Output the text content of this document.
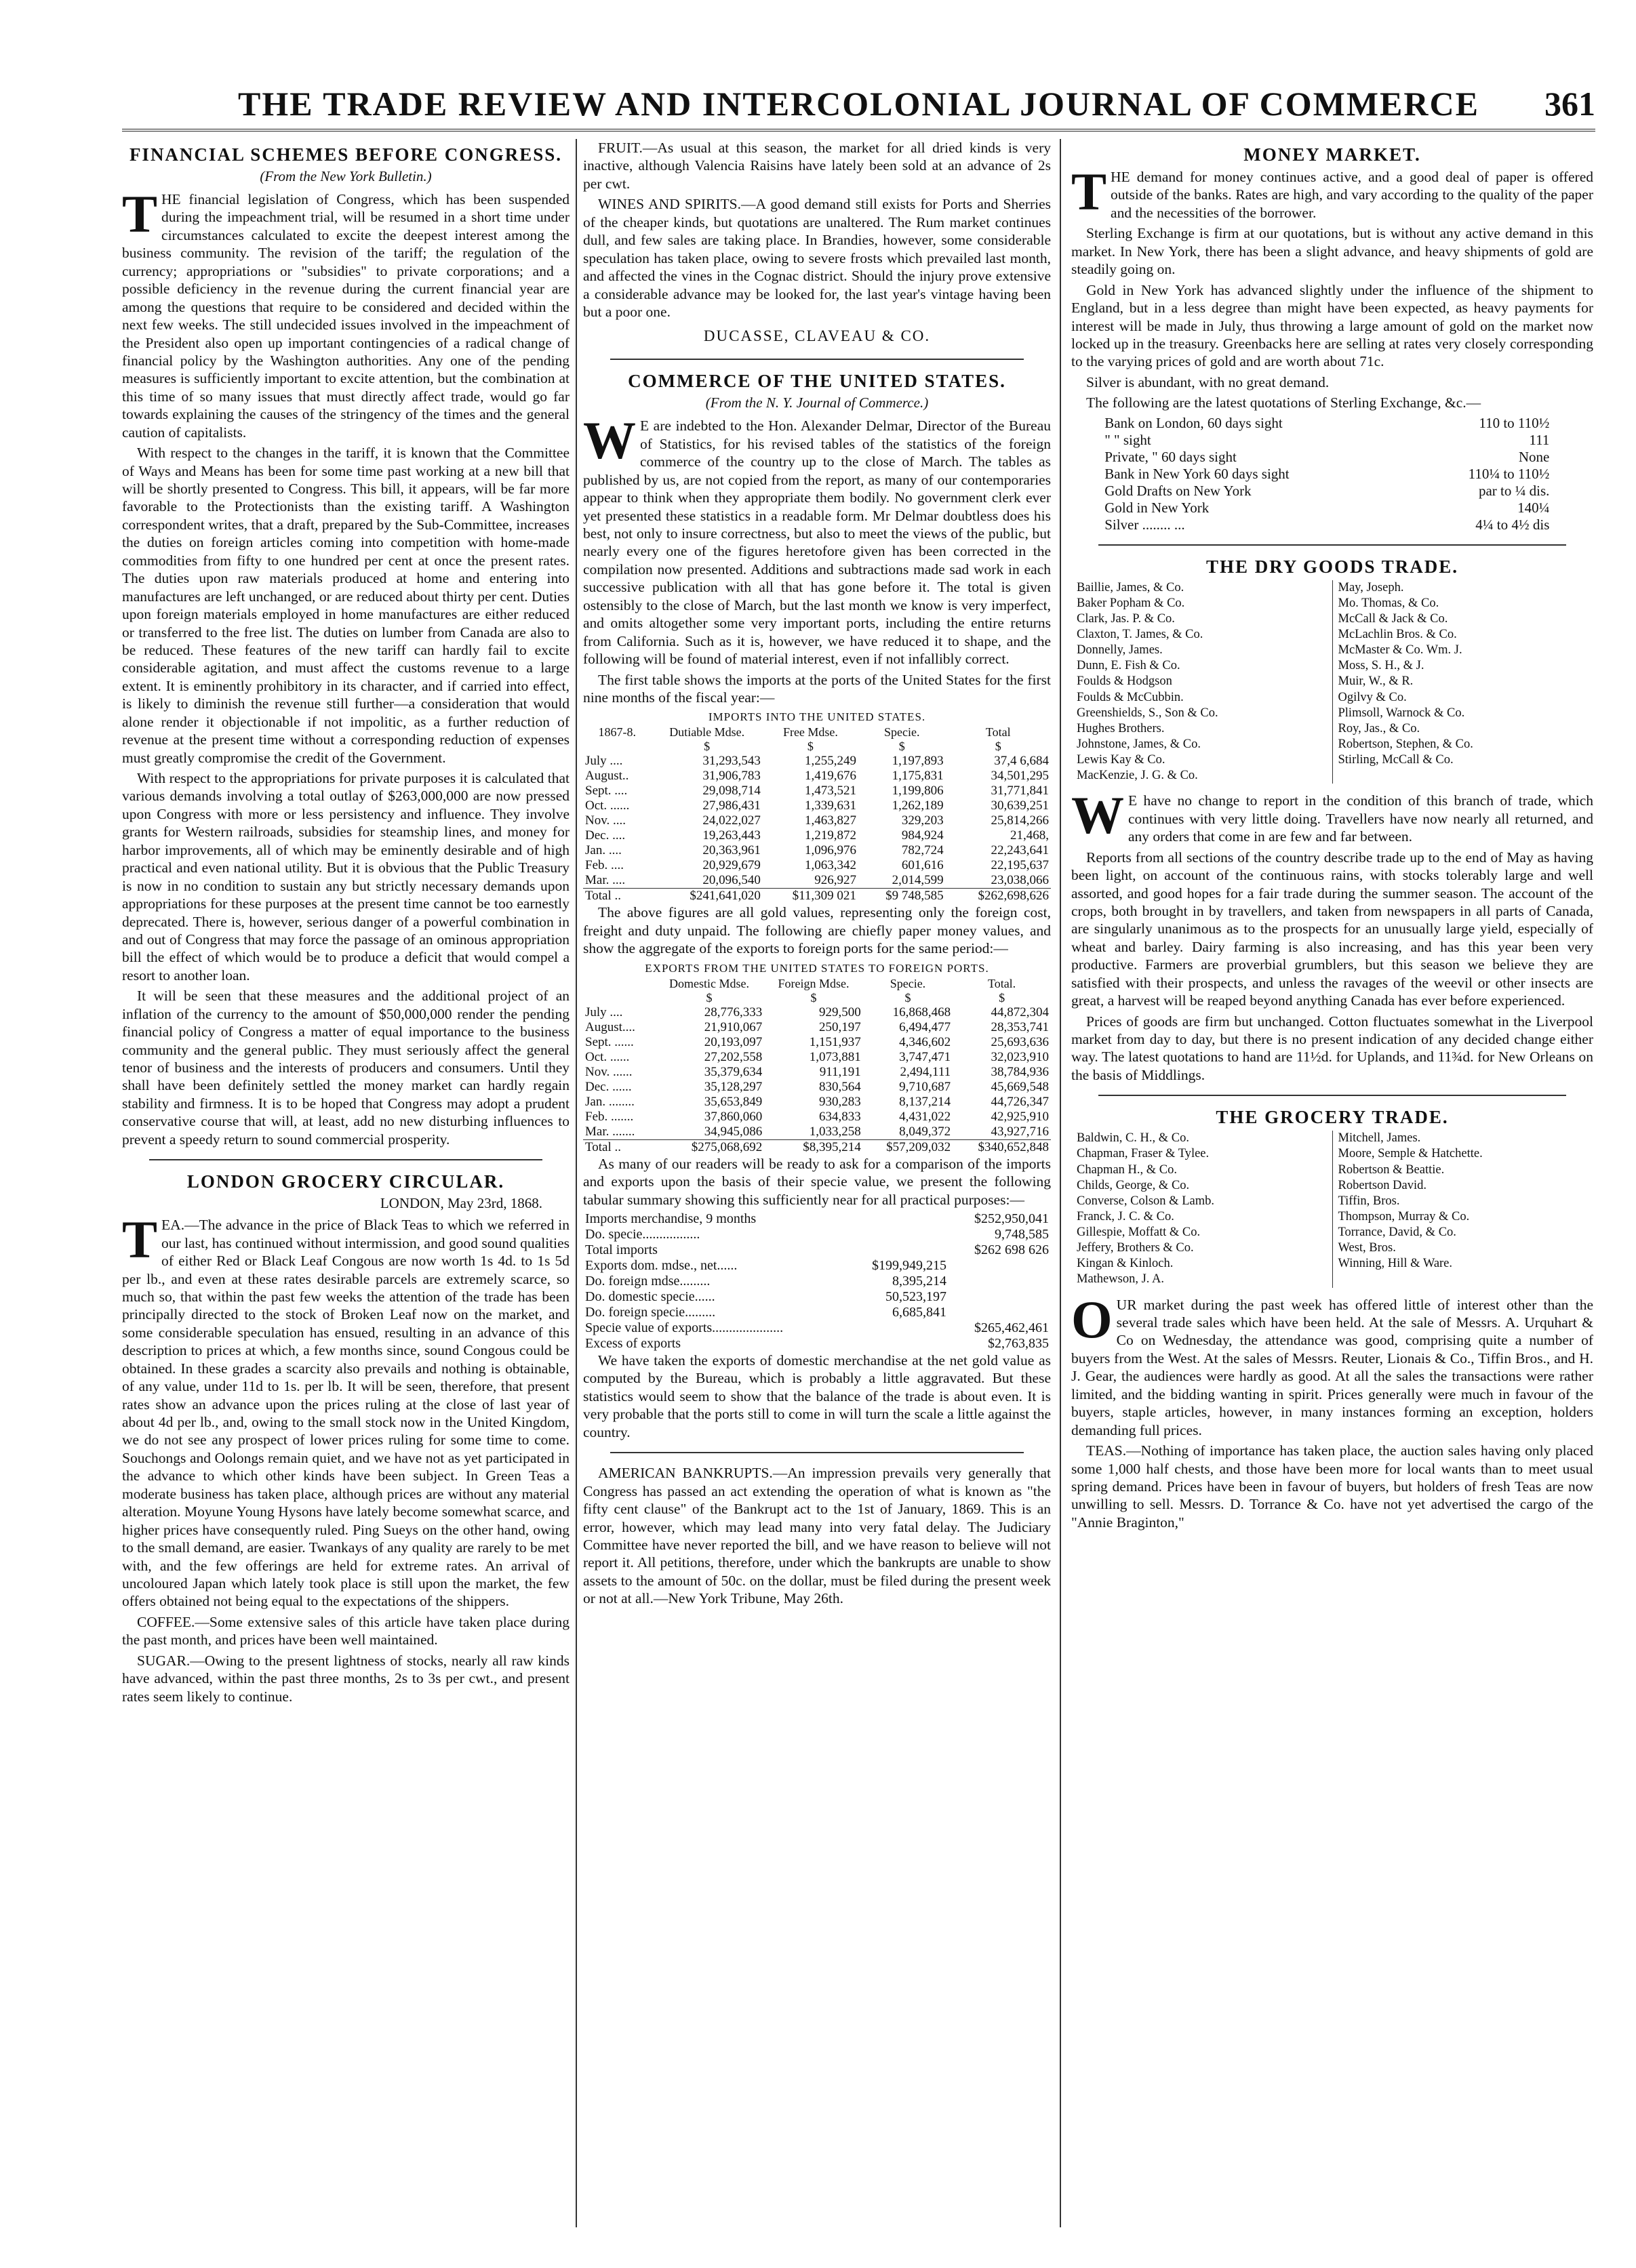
THE TRADE REVIEW AND INTERCOLONIAL JOURNAL OF COMMERCE	361
FINANCIAL SCHEMES BEFORE CONGRESS.
(From the New York Bulletin.)

THE financial legislation of Congress, which has been suspended during the impeachment trial, will be resumed in a short time under circumstances calculated to excite the deepest interest among the business community. The revision of the tariff; the regulation of the currency; appropriations or "subsidies" to private corporations; and a possible deficiency in the revenue during the current financial year are among the questions that require to be considered and decided within the next few weeks. The still undecided issues involved in the impeachment of the President also open up important contingencies of a radical change of financial policy by the Washington authorities. Any one of the pending measures is sufficiently important to excite attention, but the combination at this time of so many issues that must directly affect trade, would go far towards explaining the causes of the stringency of the times and the general caution of capitalists.

With respect to the changes in the tariff, it is known that the Committee of Ways and Means has been for some time past working at a new bill that will be shortly presented to Congress. This bill, it appears, will be far more favorable to the Protectionists than the existing tariff. A Washington correspondent writes, that a draft, prepared by the Sub-Committee, increases the duties on foreign articles coming into competition with home-made commodities from fifty to one hundred per cent at once the present rates. The duties upon raw materials produced at home and entering into manufactures are left unchanged, or are reduced about thirty per cent. Duties upon foreign materials employed in home manufactures are either reduced or transferred to the free list. The duties on lumber from Canada are also to be reduced. These features of the new tariff can hardly fail to excite considerable agitation, and must affect the customs revenue to a large extent. It is eminently prohibitory in its character, and if carried into effect, is likely to diminish the revenue still further—a consideration that would alone render it objectionable if not impolitic, as a further reduction of revenue at the present time without a corresponding reduction of expenses must greatly compromise the credit of the Government.

With respect to the appropriations for private purposes it is calculated that various demands involving a total outlay of $263,000,000 are now pressed upon Congress with more or less persistency and influence. They involve grants for Western railroads, subsidies for steamship lines, and money for harbor improvements, all of which may be eminently desirable and of high practical and even national utility. But it is obvious that the Public Treasury is now in no condition to sustain any but strictly necessary demands upon appropriations for these purposes at the present time cannot be too earnestly deprecated. There is, however, serious danger of a powerful combination in and out of Congress that may force the passage of an ominous appropriation bill the effect of which would be to produce a deficit that would compel a resort to another loan.

It will be seen that these measures and the additional project of an inflation of the currency to the amount of $50,000,000 render the pending financial policy of Congress a matter of equal importance to the business community and the general public. They must seriously affect the general tenor of business and the interests of producers and consumers. Until they shall have been definitely settled the money market can hardly regain stability and firmness. It is to be hoped that Congress may adopt a prudent conservative course that will, at least, add no new disturbing influences to prevent a speedy return to sound commercial prosperity.

LONDON GROCERY CIRCULAR.
LONDON, May 23rd, 1868.

TEA.—The advance in the price of Black Teas to which we referred in our last, has continued without intermission, and good sound qualities of either Red or Black Leaf Congous are now worth 1s 4d. to 1s 5d per lb., and even at these rates desirable parcels are extremely scarce, so much so, that within the past few weeks the attention of the trade has been principally directed to the stock of Broken Leaf now on the market, and some considerable speculation has ensued, resulting in an advance of this description to prices at which, a few months since, sound Congous could be obtained. In these grades a scarcity also prevails and nothing is obtainable, of any value, under 11d to 1s. per lb. It will be seen, therefore, that present rates show an advance upon the prices ruling at the close of last year of about 4d per lb., and, owing to the small stock now in the United Kingdom, we do not see any prospect of lower prices ruling for some time to come. Souchongs and Oolongs remain quiet, and we have not as yet participated in the advance to which other kinds have been subject. In Green Teas a moderate business has taken place, although prices are without any material alteration. Moyune Young Hysons have lately become somewhat scarce, and higher prices have consequently ruled. Ping Sueys on the other hand, owing to the small demand, are easier. Twankays of any quality are rarely to be met with, and the few offerings are held for extreme rates. An arrival of uncoloured Japan which lately took place is still upon the market, the few offers obtained not being equal to the expectations of the shippers.

COFFEE.—Some extensive sales of this article have taken place during the past month, and prices have been well maintained.

SUGAR.—Owing to the present lightness of stocks, nearly all raw kinds have advanced, within the past three months, 2s to 3s per cwt., and present rates seem likely to continue.

FRUIT.—As usual at this season, the market for all dried kinds is very inactive, although Valencia Raisins have lately been sold at an advance of 2s per cwt.

WINES AND SPIRITS.—A good demand still exists for Ports and Sherries of the cheaper kinds, but quotations are unaltered. The Rum market continues dull, and few sales are taking place. In Brandies, however, some considerable speculation has taken place, owing to severe frosts which prevailed last month, and affected the vines in the Cognac district. Should the injury prove extensive a considerable advance may be looked for, the last year's vintage having been but a poor one.

DUCASSE, CLAVEAU & CO.
COMMERCE OF THE UNITED STATES.
(From the N. Y. Journal of Commerce.)

W E are indebted to the Hon. Alexander Delmar, Director of the Bureau of Statistics, for his revised tables of the statistics of the foreign commerce of the country up to the close of March. The tables as published by us, are not copied from the report, as many of our contemporaries appear to think when they appropriate them bodily. No government clerk ever yet presented these statistics in a readable form. Mr Delmar doubtless does his best, not only to insure correctness, but also to meet the views of the public, but nearly every one of the figures heretofore given has been corrected in the compilation now presented. Additions and subtractions made sad work in each successive publication with all that has gone before it. The total is given ostensibly to the close of March, but the last month we know is very imperfect, and omits altogether some very important ports, including the entire returns from California. Such as it is, however, we have reduced it to shape, and the following will be found of material interest, even if not infallibly correct.

The first table shows the imports at the ports of the United States for the first nine months of the fiscal year:—

IMPORTS INTO THE UNITED STATES.
1867-8.	Dutiable Mdse.	Free Mdse.	Specie.	Total
	$	$	$	$
July ....	31,293,543	1,255,249	1,197,893	37,4 6,684
August..	31,906,783	1,419,676	1,175,831	34,501,295
Sept. ....	29,098,714	1,473,521	1,199,806	31,771,841
Oct. ......	27,986,431	1,339,631	1,262,189	30,639,251
Nov. ....	24,022,027	1,463,827	329,203	25,814,266
Dec. ....	19,263,443	1,219,872	984,924	21,468,
Jan. ....	20,363,961	1,096,976	782,724	22,243,641
Feb. ....	20,929,679	1,063,342	601,616	22,195,637
Mar. ....	20,096,540	926,927	2,014,599	23,038,066
Total ..	$241,641,020	$11,309 021	$9 748,585	$262,698,626

The above figures are all gold values, representing only the foreign cost, freight and duty unpaid. The following are chiefly paper money values, and show the aggregate of the exports to foreign ports for the same period:—

EXPORTS FROM THE UNITED STATES TO FOREIGN PORTS.
	Domestic Mdse.	Foreign Mdse.	Specie.	Total.
	$	$	$	$
July ....	28,776,333	929,500	16,868,468	44,872,304
August....	21,910,067	250,197	6,494,477	28,353,741
Sept. ......	20,193,097	1,151,937	4,346,602	25,693,636
Oct. ......	27,202,558	1,073,881	3,747,471	32,023,910
Nov. ......	35,379,634	911,191	2,494,111	38,784,936
Dec. ......	35,128,297	830,564	9,710,687	45,669,548
Jan. ........	35,653,849	930,283	8,137,214	44,726,347
Feb. .......	37,860,060	634,833	4,431,022	42,925,910
Mar. .......	34,945,086	1,033,258	8,049,372	43,927,716
Total ..	$275,068,692	$8,395,214	$57,209,032	$340,652,848

As many of our readers will be ready to ask for a comparison of the imports and exports upon the basis of their specie value, we present the following tabular summary showing this sufficiently near for all practical purposes:—

Imports merchandise, 9 months		$252,950,041
Do. specie.................		9,748,585
Total imports		$262 698 626
Exports dom. mdse., net......	$199,949,215	
Do. foreign mdse.........	8,395,214	
Do. domestic specie......	50,523,197	
Do. foreign specie.........	6,685,841	
Specie value of exports.....................		$265,462,461
Excess of exports		$2,763,835

We have taken the exports of domestic merchandise at the net gold value as computed by the Bureau, which is probably a little aggravated. But these statistics would seem to show that the balance of the trade is about even. It is very probable that the ports still to come in will turn the scale a little against the country.

AMERICAN BANKRUPTS.—An impression prevails very generally that Congress has passed an act extending the operation of what is known as "the fifty cent clause" of the Bankrupt act to the 1st of January, 1869. This is an error, however, which may lead many into very fatal delay. The Judiciary Committee have never reported the bill, and we have reason to believe will not report it. All petitions, therefore, under which the bankrupts are unable to show assets to the amount of 50c. on the dollar, must be filed during the present week or not at all.—New York Tribune, May 26th.

MONEY MARKET.

THE demand for money continues active, and a good deal of paper is offered outside of the banks. Rates are high, and vary according to the quality of the paper and the necessities of the borrower.

Sterling Exchange is firm at our quotations, but is without any active demand in this market. In New York, there has been a slight advance, and heavy shipments of gold are steadily going on.

Gold in New York has advanced slightly under the influence of the shipment to England, but in a less degree than might have been expected, as heavy payments for interest will be made in July, thus throwing a large amount of gold on the market now locked up in the treasury. Greenbacks here are selling at rates very closely corresponding to the varying prices of gold and are worth about 71c.

Silver is abundant, with no great demand.

The following are the latest quotations of Sterling Exchange, &c.—

Bank on London, 60 days sight	110 to 110½
" " sight	111
Private, " 60 days sight	None
Bank in New York 60 days sight	110¼ to 110½
Gold Drafts on New York	par to ¼ dis.
Gold in New York	140¼
Silver ........ ...	4¼ to 4½ dis
THE DRY GOODS TRADE.
Baillie, James, & Co.
Baker Popham & Co.
Clark, Jas. P. & Co.
Claxton, T. James, & Co.
Donnelly, James.
Dunn, E. Fish & Co.
Foulds & Hodgson
Foulds & McCubbin.
Greenshields, S., Son & Co.
Hughes Brothers.
Johnstone, James, & Co.
Lewis Kay & Co.
MacKenzie, J. G. & Co.
May, Joseph.
Mo. Thomas, & Co.
McCall & Jack & Co.
McLachlin Bros. & Co.
McMaster & Co. Wm. J.
Moss, S. H., & J.
Muir, W., & R.
Ogilvy & Co.
Plimsoll, Warnock & Co.
Roy, Jas., & Co.
Robertson, Stephen, & Co.
Stirling, McCall & Co.

W E have no change to report in the condition of this branch of trade, which continues with very little doing. Travellers have now nearly all returned, and any orders that come in are few and far between.

Reports from all sections of the country describe trade up to the end of May as having been light, on account of the continuous rains, with stocks tolerably large and well assorted, and good hopes for a fair trade during the summer season. The account of the crops, both brought in by travellers, and taken from newspapers in all parts of Canada, are singularly unanimous as to the prospects for an unusually large yield, especially of wheat and barley. Dairy farming is also increasing, and has this year been very productive. Farmers are proverbial grumblers, but this season we believe they are satisfied with their prospects, and unless the ravages of the weevil or other insects are great, a harvest will be reaped beyond anything Canada has ever before experienced.

Prices of goods are firm but unchanged. Cotton fluctuates somewhat in the Liverpool market from day to day, but there is no present indication of any decided change either way. The latest quotations to hand are 11½d. for Uplands, and 11¾d. for New Orleans on the basis of Middlings.

THE GROCERY TRADE.
Baldwin, C. H., & Co.
Chapman, Fraser & Tylee.
Chapman H., & Co.
Childs, George, & Co.
Converse, Colson & Lamb.
Franck, J. C. & Co.
Gillespie, Moffatt & Co.
Jeffery, Brothers & Co.
Kingan & Kinloch.
Mathewson, J. A.
Mitchell, James.
Moore, Semple & Hatchette.
Robertson & Beattie.
Robertson David.
Tiffin, Bros.
Thompson, Murray & Co.
Torrance, David, & Co.
West, Bros.
Winning, Hill & Ware.

OUR market during the past week has offered little of interest other than the several trade sales which have been held. At the sale of Messrs. A. Urquhart & Co on Wednesday, the attendance was good, comprising quite a number of buyers from the West. At the sales of Messrs. Reuter, Lionais & Co., Tiffin Bros., and H. J. Gear, the audiences were hardly as good. At all the sales the transactions were rather limited, and the bidding wanting in spirit. Prices generally were much in favour of the buyers, staple articles, however, in many instances forming an exception, holders demanding full prices.

TEAS.—Nothing of importance has taken place, the auction sales having only placed some 1,000 half chests, and those have been more for local wants than to meet usual spring demand. Prices have been in favour of buyers, but holders of fresh Teas are now unwilling to sell. Messrs. D. Torrance & Co. have not yet advertised the cargo of the "Annie Braginton,"
